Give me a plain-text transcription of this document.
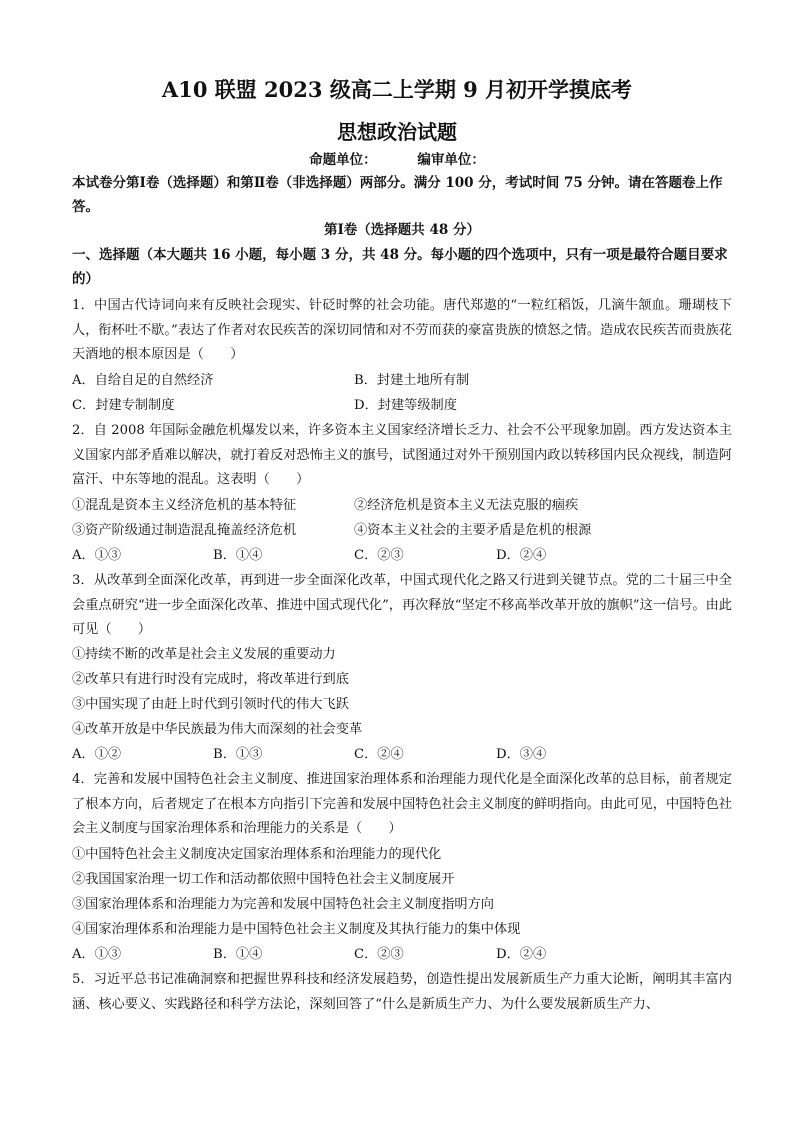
A10 联盟 2023 级高二上学期 9 月初开学摸底考
思想政治试题
命题单位：	编审单位：
本试卷分第Ⅰ卷（选择题）和第Ⅱ卷（非选择题）两部分。满分 100 分，考试时间 75 分钟。请在答题卷上作答。
第Ⅰ卷（选择题共 48 分）
一、选择题（本大题共 16 小题，每小题 3 分，共 48 分。每小题的四个选项中，只有一项是最符合题目要求的）
1．中国古代诗词向来有反映社会现实、针砭时弊的社会功能。唐代郑遨的“一粒红稻饭，几滴牛颔血。珊瑚枝下人，衔杯吐不歇。”表达了作者对农民疾苦的深切同情和对不劳而获的豪富贵族的愤怒之情。造成农民疾苦而贵族花天酒地的根本原因是（　　）
A．自给自足的自然经济	B．封建土地所有制
C．封建专制制度	D．封建等级制度
2．自 2008 年国际金融危机爆发以来，许多资本主义国家经济增长乏力、社会不公平现象加剧。西方发达资本主义国家内部矛盾难以解决，就打着反对恐怖主义的旗号，试图通过对外干预别国内政以转移国内民众视线，制造阿富汗、中东等地的混乱。这表明（　　）
①混乱是资本主义经济危机的基本特征	②经济危机是资本主义无法克服的痼疾
③资产阶级通过制造混乱掩盖经济危机	④资本主义社会的主要矛盾是危机的根源
A．①③	B．①④	C．②③	D．②④
3．从改革到全面深化改革，再到进一步全面深化改革，中国式现代化之路又行进到关键节点。党的二十届三中全会重点研究“进一步全面深化改革、推进中国式现代化”，再次释放“坚定不移高举改革开放的旗帜”这一信号。由此可见（　　）
①持续不断的改革是社会主义发展的重要动力
②改革只有进行时没有完成时，将改革进行到底
③中国实现了由赶上时代到引领时代的伟大飞跃
④改革开放是中华民族最为伟大而深刻的社会变革
A．①②	B．①③	C．②④	D．③④
4．完善和发展中国特色社会主义制度、推进国家治理体系和治理能力现代化是全面深化改革的总目标，前者规定了根本方向，后者规定了在根本方向指引下完善和发展中国特色社会主义制度的鲜明指向。由此可见，中国特色社会主义制度与国家治理体系和治理能力的关系是（　　）
①中国特色社会主义制度决定国家治理体系和治理能力的现代化
②我国国家治理一切工作和活动都依照中国特色社会主义制度展开
③国家治理体系和治理能力为完善和发展中国特色社会主义制度指明方向
④国家治理体系和治理能力是中国特色社会主义制度及其执行能力的集中体现
A．①③	B．①④	C．②③	D．②④
5．习近平总书记准确洞察和把握世界科技和经济发展趋势，创造性提出发展新质生产力重大论断，阐明其丰富内涵、核心要义、实践路径和科学方法论，深刻回答了“什么是新质生产力、为什么要发展新质生产力、
